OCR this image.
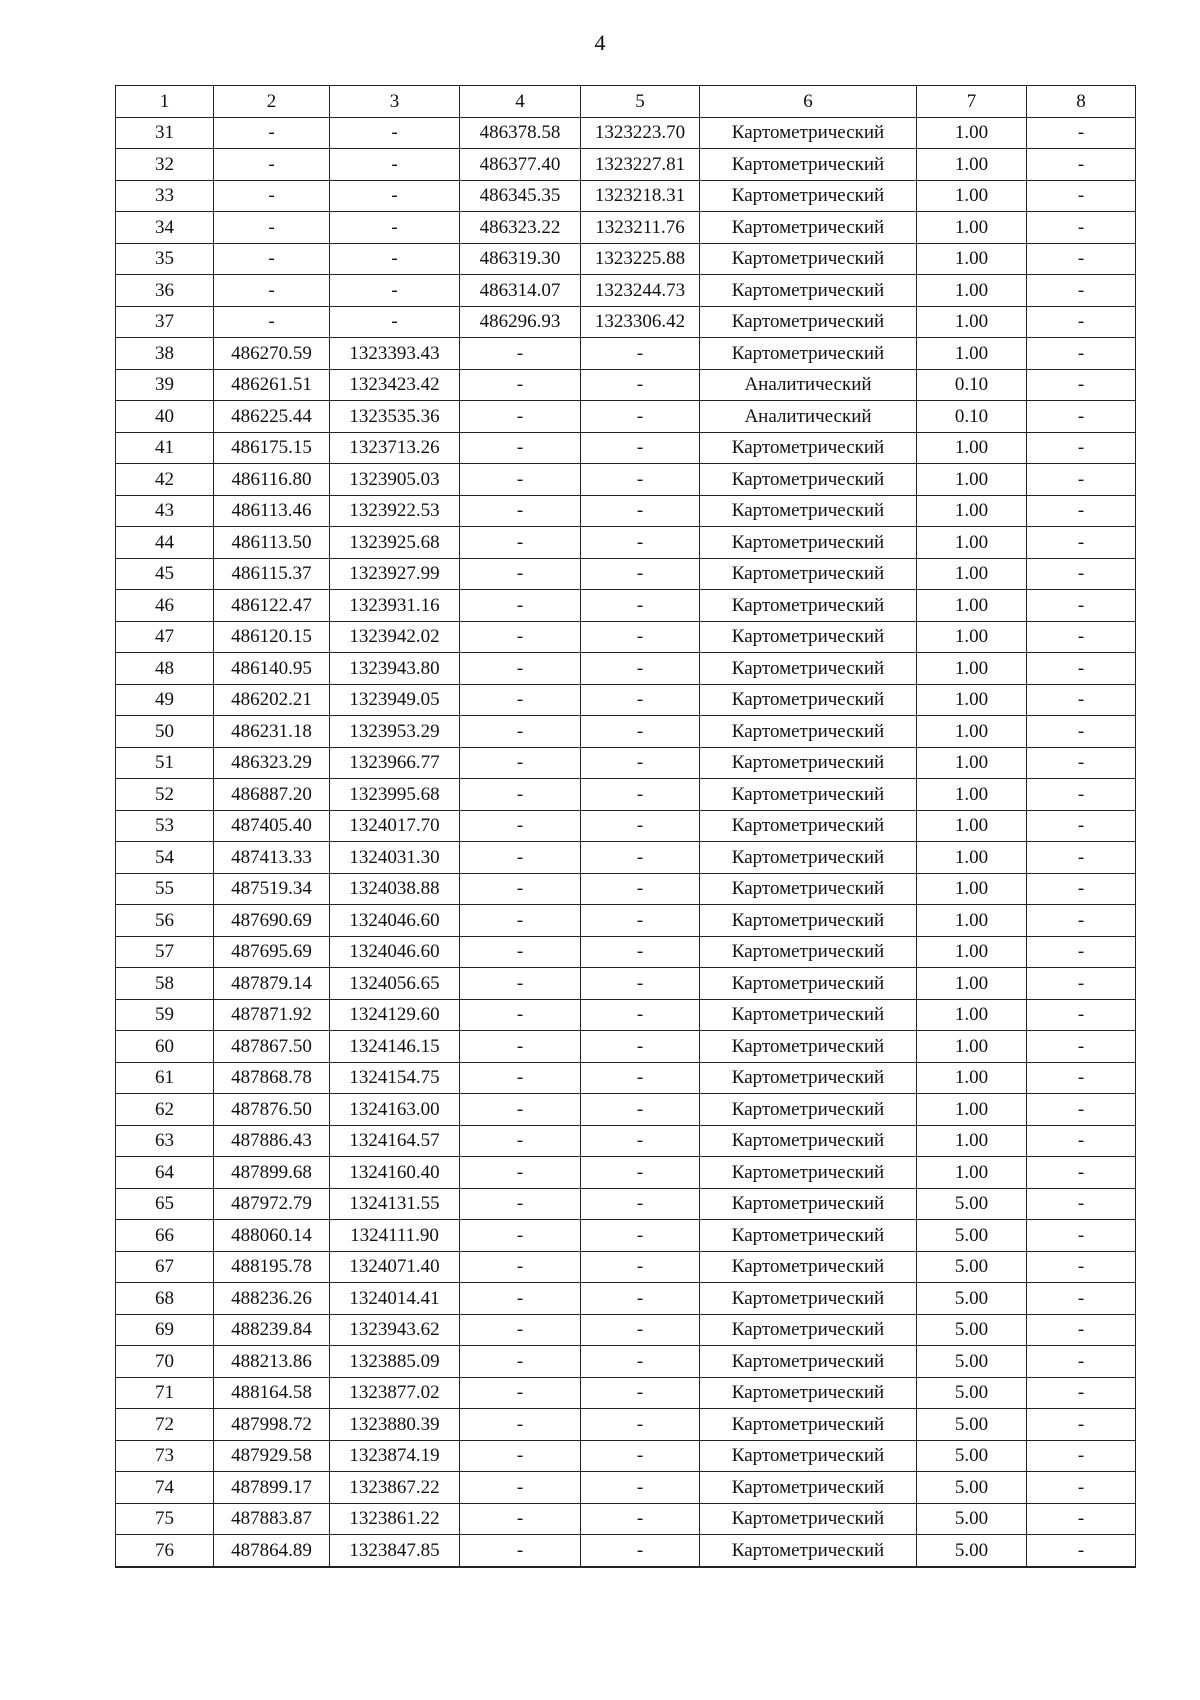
4
1	2	3	4	5	6	7	8
31	-	-	486378.58	1323223.70	Картометрический	1.00	-
32	-	-	486377.40	1323227.81	Картометрический	1.00	-
33	-	-	486345.35	1323218.31	Картометрический	1.00	-
34	-	-	486323.22	1323211.76	Картометрический	1.00	-
35	-	-	486319.30	1323225.88	Картометрический	1.00	-
36	-	-	486314.07	1323244.73	Картометрический	1.00	-
37	-	-	486296.93	1323306.42	Картометрический	1.00	-
38	486270.59	1323393.43	-	-	Картометрический	1.00	-
39	486261.51	1323423.42	-	-	Аналитический	0.10	-
40	486225.44	1323535.36	-	-	Аналитический	0.10	-
41	486175.15	1323713.26	-	-	Картометрический	1.00	-
42	486116.80	1323905.03	-	-	Картометрический	1.00	-
43	486113.46	1323922.53	-	-	Картометрический	1.00	-
44	486113.50	1323925.68	-	-	Картометрический	1.00	-
45	486115.37	1323927.99	-	-	Картометрический	1.00	-
46	486122.47	1323931.16	-	-	Картометрический	1.00	-
47	486120.15	1323942.02	-	-	Картометрический	1.00	-
48	486140.95	1323943.80	-	-	Картометрический	1.00	-
49	486202.21	1323949.05	-	-	Картометрический	1.00	-
50	486231.18	1323953.29	-	-	Картометрический	1.00	-
51	486323.29	1323966.77	-	-	Картометрический	1.00	-
52	486887.20	1323995.68	-	-	Картометрический	1.00	-
53	487405.40	1324017.70	-	-	Картометрический	1.00	-
54	487413.33	1324031.30	-	-	Картометрический	1.00	-
55	487519.34	1324038.88	-	-	Картометрический	1.00	-
56	487690.69	1324046.60	-	-	Картометрический	1.00	-
57	487695.69	1324046.60	-	-	Картометрический	1.00	-
58	487879.14	1324056.65	-	-	Картометрический	1.00	-
59	487871.92	1324129.60	-	-	Картометрический	1.00	-
60	487867.50	1324146.15	-	-	Картометрический	1.00	-
61	487868.78	1324154.75	-	-	Картометрический	1.00	-
62	487876.50	1324163.00	-	-	Картометрический	1.00	-
63	487886.43	1324164.57	-	-	Картометрический	1.00	-
64	487899.68	1324160.40	-	-	Картометрический	1.00	-
65	487972.79	1324131.55	-	-	Картометрический	5.00	-
66	488060.14	1324111.90	-	-	Картометрический	5.00	-
67	488195.78	1324071.40	-	-	Картометрический	5.00	-
68	488236.26	1324014.41	-	-	Картометрический	5.00	-
69	488239.84	1323943.62	-	-	Картометрический	5.00	-
70	488213.86	1323885.09	-	-	Картометрический	5.00	-
71	488164.58	1323877.02	-	-	Картометрический	5.00	-
72	487998.72	1323880.39	-	-	Картометрический	5.00	-
73	487929.58	1323874.19	-	-	Картометрический	5.00	-
74	487899.17	1323867.22	-	-	Картометрический	5.00	-
75	487883.87	1323861.22	-	-	Картометрический	5.00	-
76	487864.89	1323847.85	-	-	Картометрический	5.00	-
